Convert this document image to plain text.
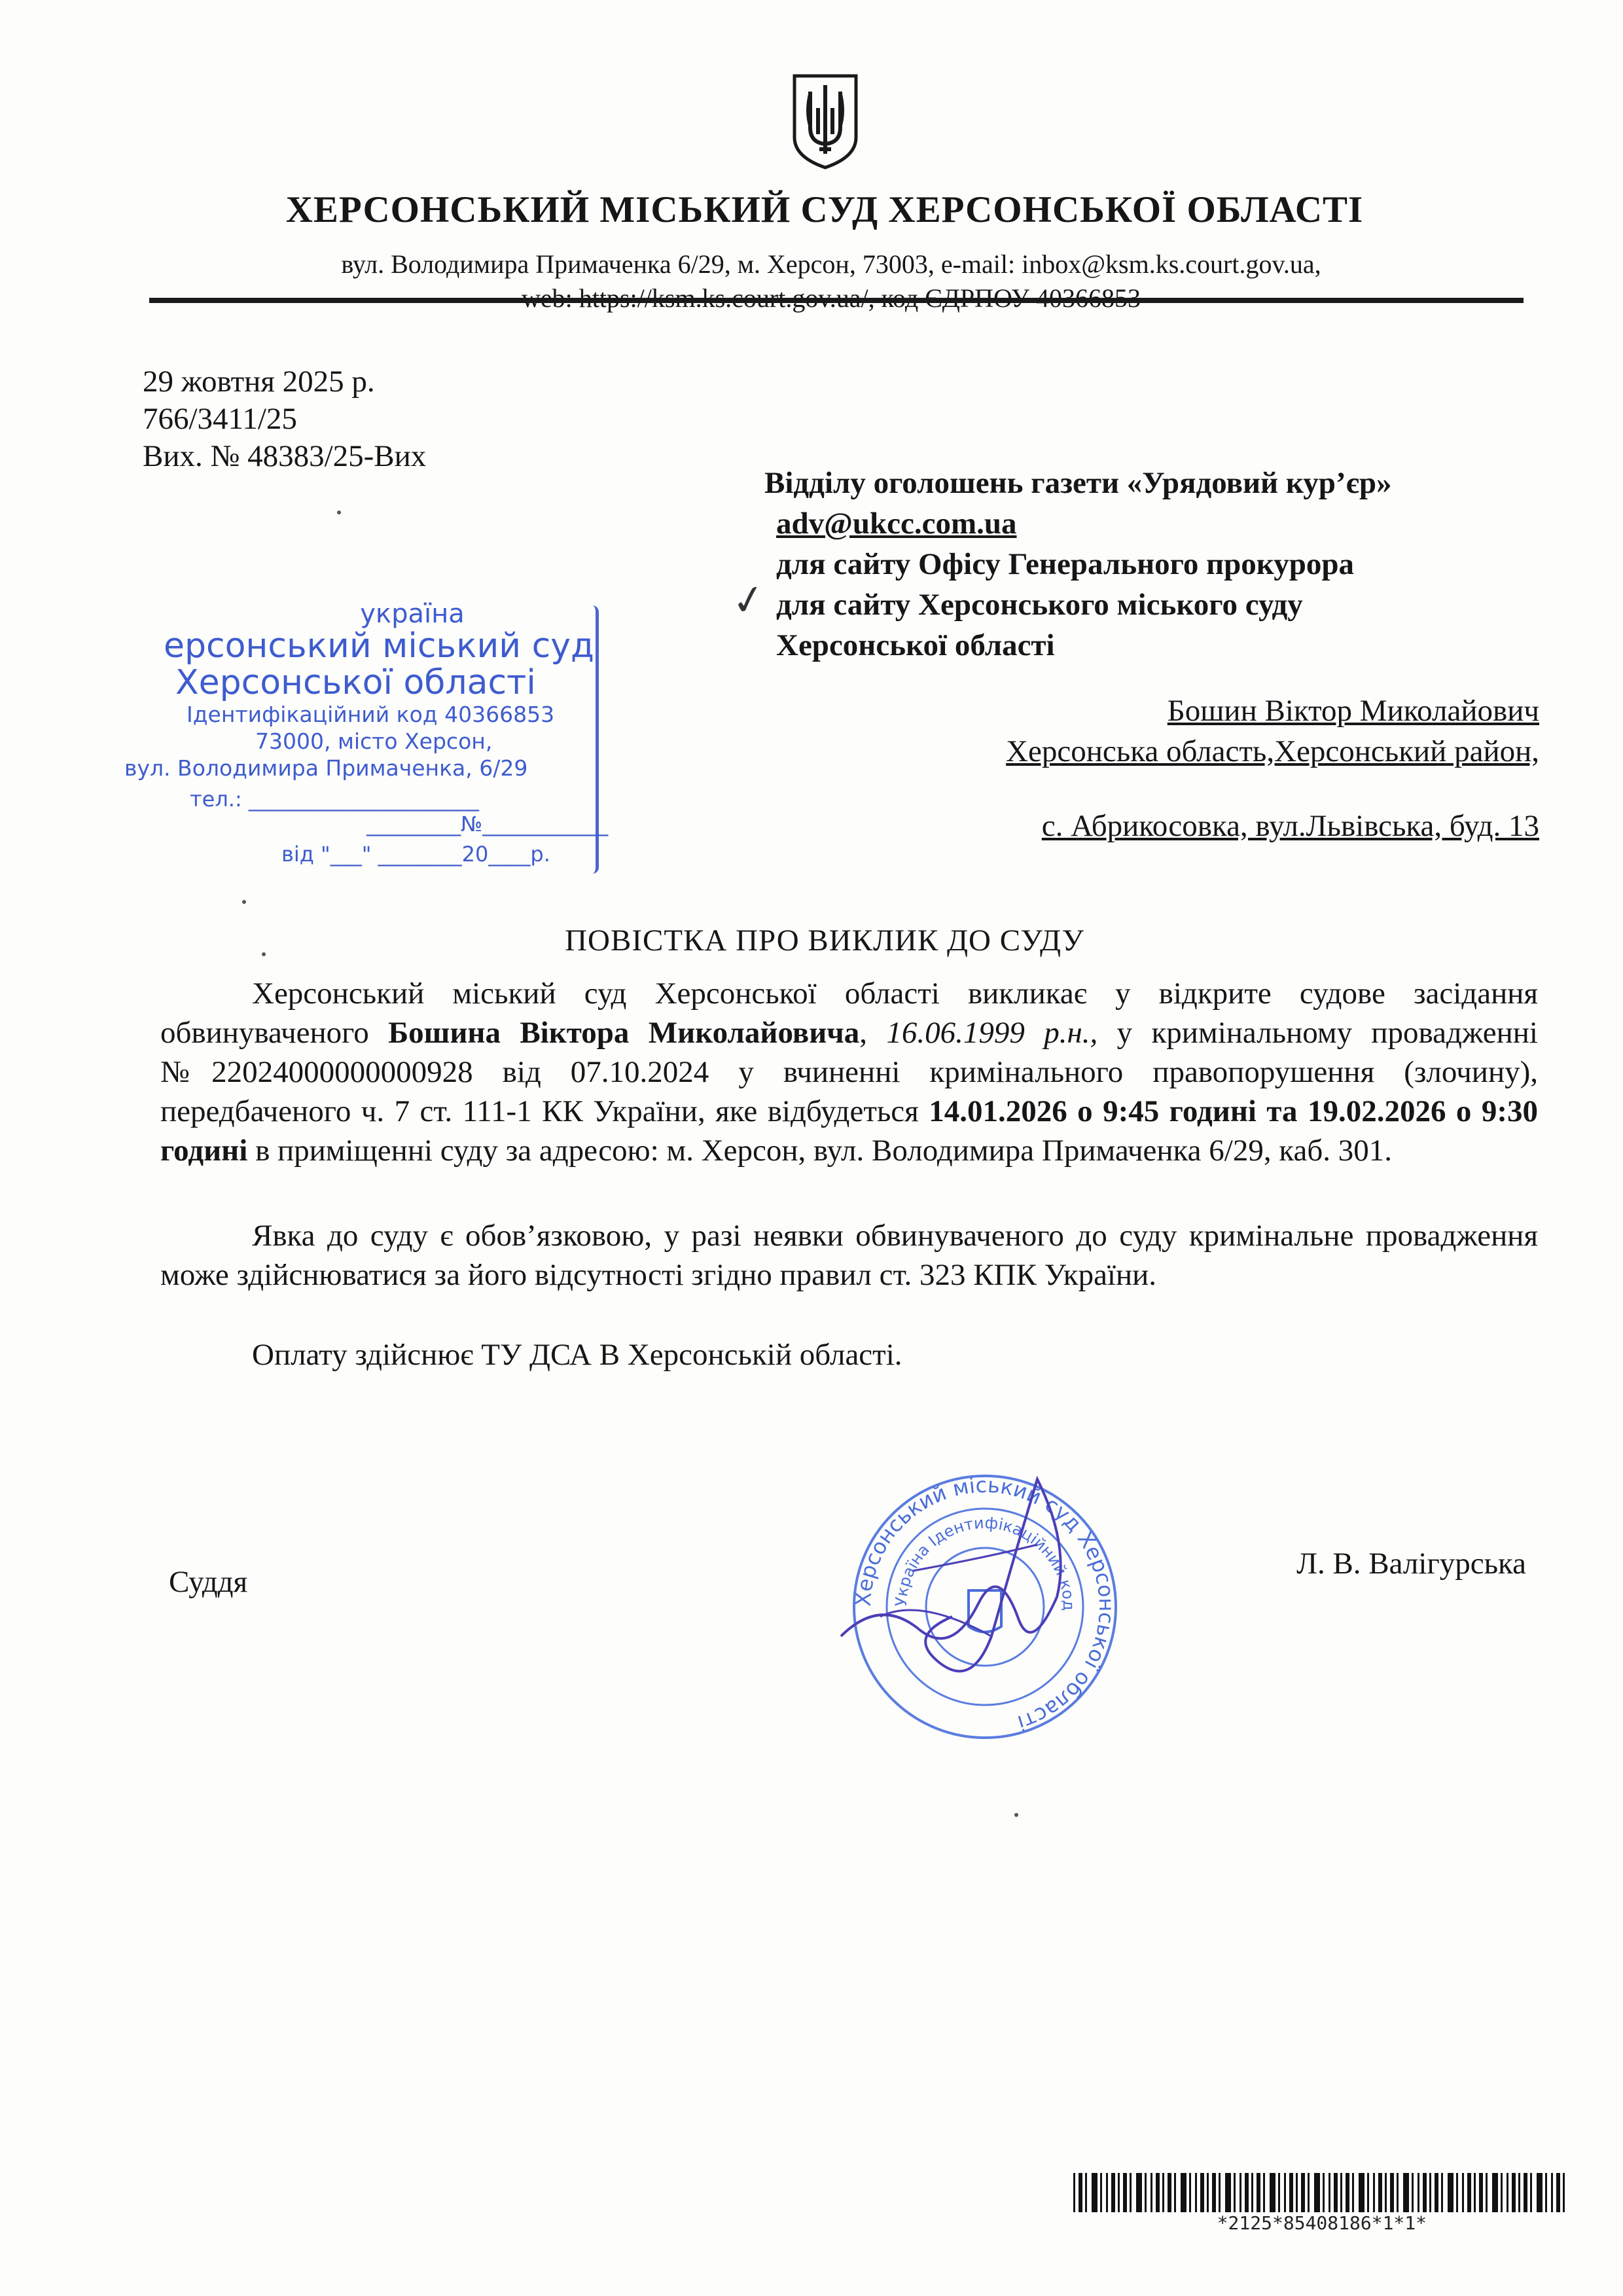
ХЕРСОНСЬКИЙ МІСЬКИЙ СУД ХЕРСОНСЬКОЇ ОБЛАСТІ
вул. Володимира Примаченка 6/29, м. Херсон, 73003, e-mail: inbox@ksm.ks.court.gov.ua,
web: https://ksm.ks.court.gov.ua/, код ЄДРПОУ 40366853
29 жовтня 2025 р.
766/3411/25
Вих. № 48383/25-Вих
Відділу оголошень газети «Урядовий кур’єр»
adv@ukcc.com.ua
для сайту Офісу Генерального прокурора
для сайту Херсонського міського суду
Херсонської області
✓
Бошин Віктор Миколайович
Херсонська область,Херсонський район,
с. Абрикосовка, вул.Львівська, буд. 13
україна
ерсонський міський суд
Херсонської області
Ідентифікаційний код 40366853
73000, місто Херсон,
вул. Володимира Примаченка, 6/29
тел.: ______________________
_________№____________
від "___" ________20____р.
ПОВІСТКА ПРО ВИКЛИК ДО СУДУ

Херсонський міський суд Херсонської області викликає у відкрите судове засідання обвинуваченого Бошина Віктора Миколайовича, 16.06.1999 р.н., у кримінальному провадженні №22024000000000928 від 07.10.2024 у вчиненні кримінального правопорушення (злочину), передбаченого ч. 7 ст. 111-1 КК України, яке відбудеться 14.01.2026 о 9:45 годині та 19.02.2026 о 9:30 годині в приміщенні суду за адресою: м. Херсон, вул. Володимира Примаченка 6/29, каб. 301.

Явка до суду є обов’язковою, у разі неявки обвинуваченого до суду кримінальне провадження може здійснюватися за його відсутності згідно правил ст. 323 КПК України.

Оплату здійснює ТУ ДСА В Херсонській області.

Суддя
Л. В. Валігурська
Херсонський міський суд Херсонської області
Україна Ідентифікаційний код
*2125*85408186*1*1*
